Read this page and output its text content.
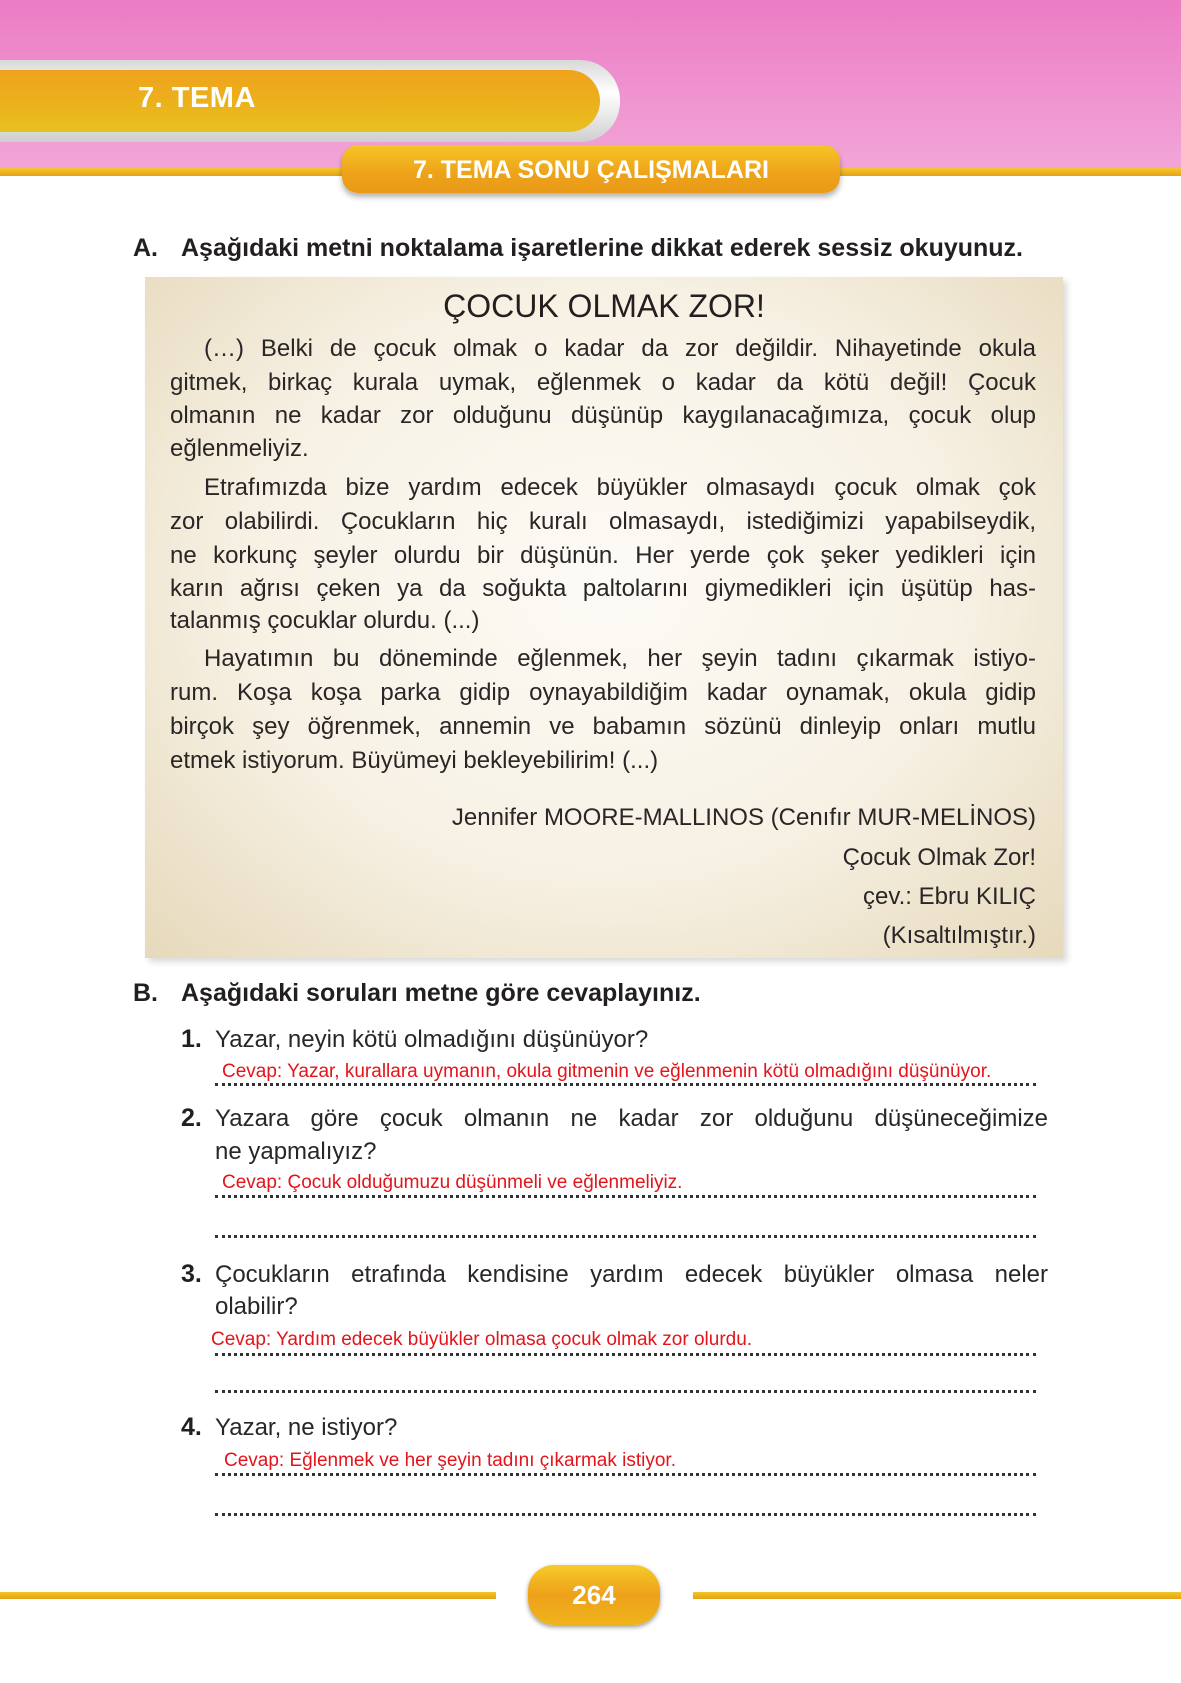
7. TEMA
7. TEMA SONU ÇALIŞMALARI
A. Aşağıdaki metni noktalama işaretlerine dikkat ederek sessiz okuyunuz.
ÇOCUK OLMAK ZOR!
(…) Belki de çocuk olmak o kadar da zor değildir. Nihayetinde okula
gitmek, birkaç kurala uymak, eğlenmek o kadar da kötü değil! Çocuk
olmanın ne kadar zor olduğunu düşünüp kaygılanacağımıza, çocuk olup
eğlenmeliyiz.
Etrafımızda bize yardım edecek büyükler olmasaydı çocuk olmak çok
zor olabilirdi. Çocukların hiç kuralı olmasaydı, istediğimizi yapabilseydik,
ne korkunç şeyler olurdu bir düşünün. Her yerde çok şeker yedikleri için
karın ağrısı çeken ya da soğukta paltolarını giymedikleri için üşütüp has-
talanmış çocuklar olurdu. (...)
Hayatımın bu döneminde eğlenmek, her şeyin tadını çıkarmak istiyo-
rum. Koşa koşa parka gidip oynayabildiğim kadar oynamak, okula gidip
birçok şey öğrenmek, annemin ve babamın sözünü dinleyip onları mutlu
etmek istiyorum. Büyümeyi bekleyebilirim! (...)
Jennifer MOORE-MALLINOS (Cenıfır MUR-MELİNOS)
Çocuk Olmak Zor!
çev.: Ebru KILIÇ
(Kısaltılmıştır.)
B. Aşağıdaki soruları metne göre cevaplayınız.
1. Yazar, neyin kötü olmadığını düşünüyor?
Cevap: Yazar, kurallara uymanın, okula gitmenin ve eğlenmenin kötü olmadığını düşünüyor.
2. Yazara göre çocuk olmanın ne kadar zor olduğunu düşüneceğimize
ne yapmalıyız?
Cevap: Çocuk olduğumuzu düşünmeli ve eğlenmeliyiz.
3. Çocukların etrafında kendisine yardım edecek büyükler olmasa neler
olabilir?
Cevap: Yardım edecek büyükler olmasa çocuk olmak zor olurdu.
4. Yazar, ne istiyor?
Cevap: Eğlenmek ve her şeyin tadını çıkarmak istiyor.
264
